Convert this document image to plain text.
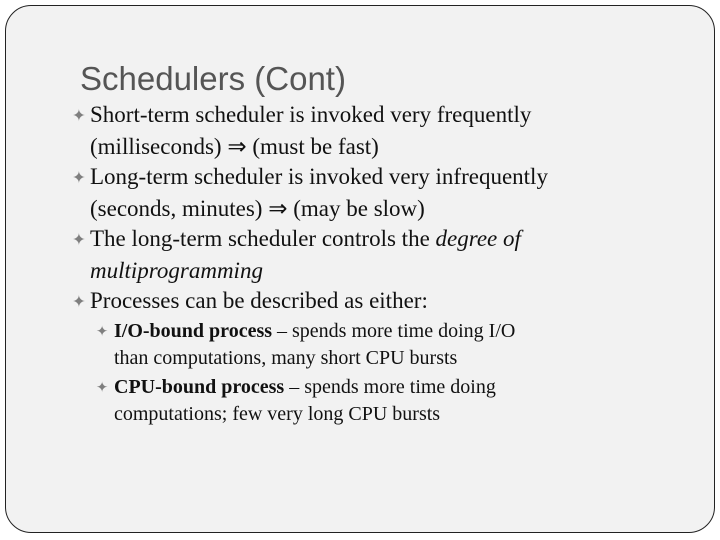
Schedulers (Cont)
✦ Short-term scheduler is invoked very frequently
(milliseconds) ⇒ (must be fast)
✦ Long-term scheduler is invoked very infrequently
(seconds, minutes) ⇒ (may be slow)
✦ The long-term scheduler controls the degree of
multiprogramming
✦ Processes can be described as either:
✦ I/O-bound process – spends more time doing I/O
than computations, many short CPU bursts
✦ CPU-bound process – spends more time doing
computations; few very long CPU bursts
